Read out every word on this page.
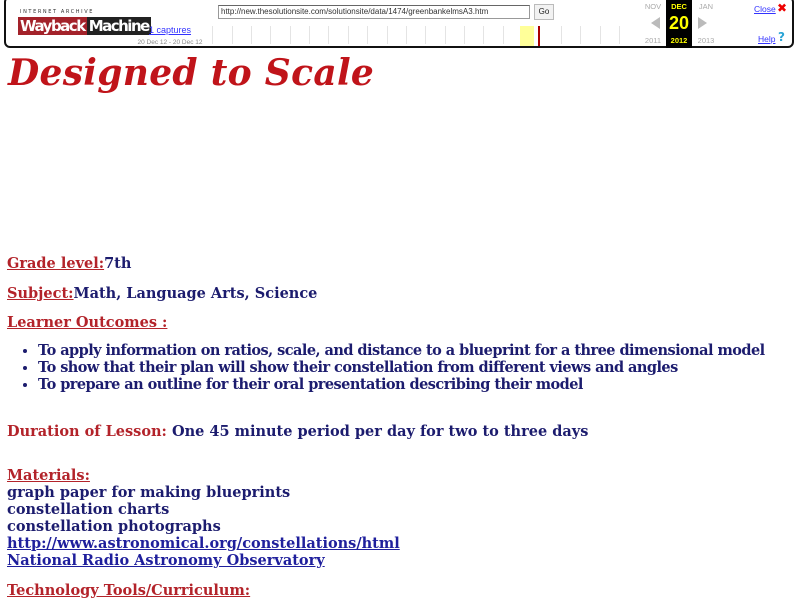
INTERNET ARCHIVE
Wayback Machine 1 captures
20 Dec 12 - 20 Dec 12
http://new.thesolutionsite.com/solutionsite/data/1474/greenbankelmsA3.htm	Go
NOV
2011
DEC
20
2012
JAN
2013
Close ✖
Help ?
Designed to Scale
Grade level:7th
Subject:Math, Language Arts, Science
Learner Outcomes :
• To apply information on ratios, scale, and distance to a blueprint for a three dimensional model
• To show that their plan will show their constellation from different views and angles
• To prepare an outline for their oral presentation describing their model
Duration of Lesson: One 45 minute period per day for two to three days
Materials:
graph paper for making blueprints
constellation charts
constellation photographs
http://www.astronomical.org/constellations/html
National Radio Astronomy Observatory
Technology Tools/Curriculum:
